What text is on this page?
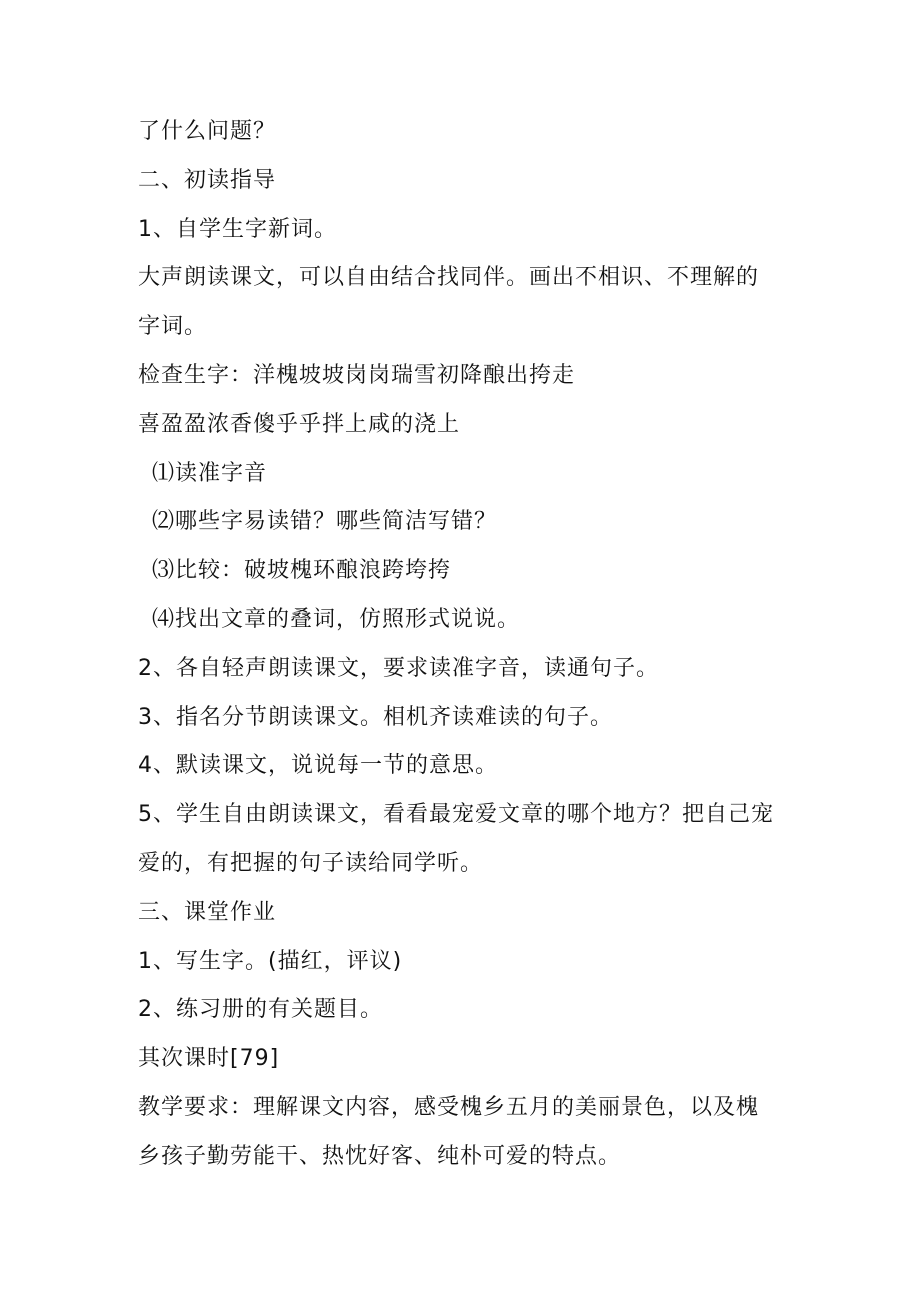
了什么问题？
二、初读指导
1、自学生字新词。
大声朗读课文，可以自由结合找同伴。画出不相识、不理解的
字词。
检查生字：洋槐坡坡岗岗瑞雪初降酿出挎走
喜盈盈浓香傻乎乎拌上咸的浇上
⑴读准字音
⑵哪些字易读错？哪些简洁写错？
⑶比较：破坡槐环酿浪跨垮挎
⑷找出文章的叠词，仿照形式说说。
2、各自轻声朗读课文，要求读准字音，读通句子。
3、指名分节朗读课文。相机齐读难读的句子。
4、默读课文，说说每一节的意思。
5、学生自由朗读课文，看看最宠爱文章的哪个地方？把自己宠
爱的，有把握的句子读给同学听。
三、课堂作业
1、写生字。(描红，评议)
2、练习册的有关题目。
其次课时[79]
教学要求：理解课文内容，感受槐乡五月的美丽景色，以及槐
乡孩子勤劳能干、热忱好客、纯朴可爱的特点。
